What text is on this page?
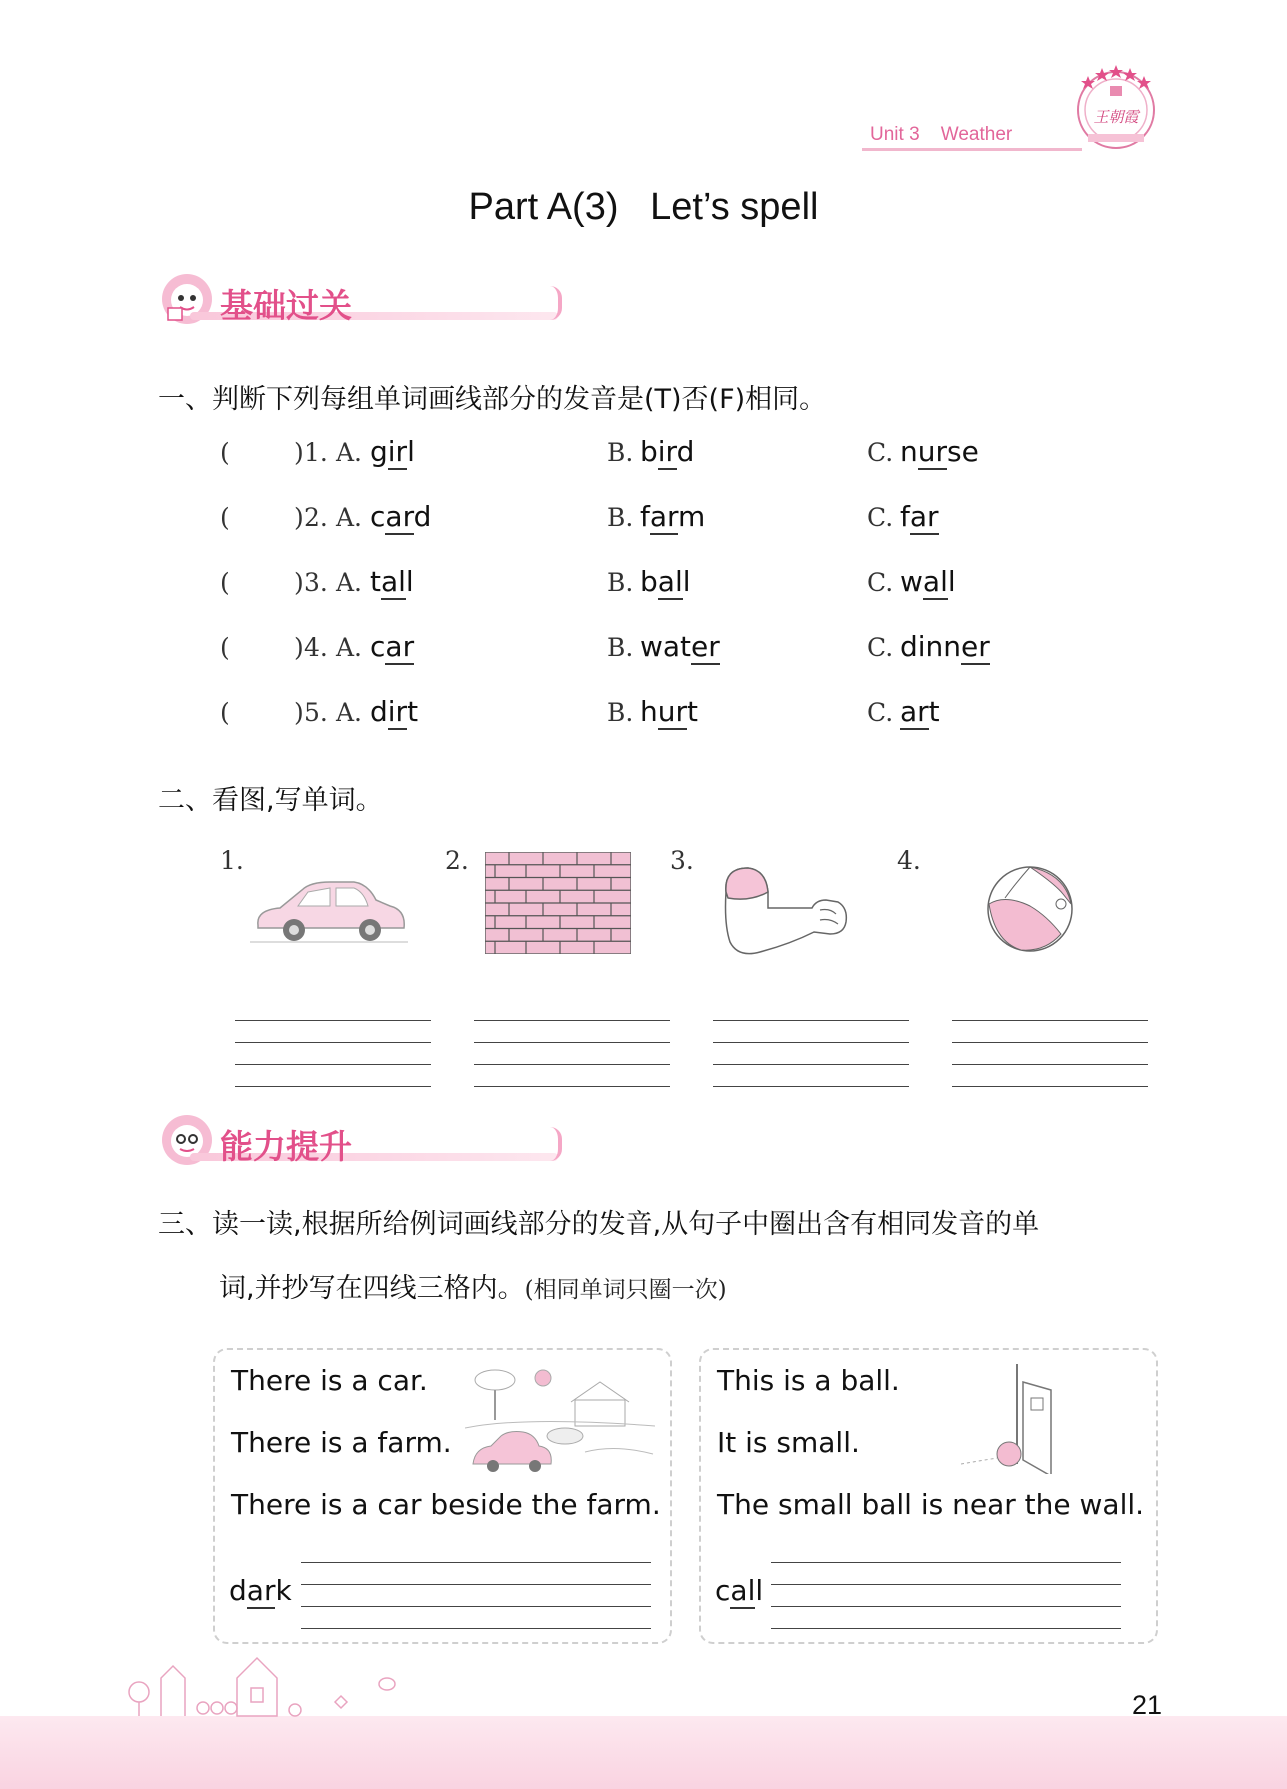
Unit 3    Weather
王朝霞
Part A(3)   Let’s spell
基础过关
一、判断下列每组单词画线部分的发音是(T)否(F)相同。
(	) 1. A. girl	B. bird	C. nurse
(	) 2. A. card	B. farm	C. far
(	) 3. A. tall	B. ball	C. wall
(	) 4. A. car	B. water	C. dinner
(	) 5. A. dirt	B. hurt	C. art
二、看图,写单词。
1.	2.	3.	4.
能力提升
三、读一读,根据所给例词画线部分的发音,从句子中圈出含有相同发音的单
词,并抄写在四线三格内。(相同单词只圈一次)
There is a car.
There is a farm.
There is a car beside the farm.
dark
This is a ball.
It is small.
The small ball is near the wall.
call
21
